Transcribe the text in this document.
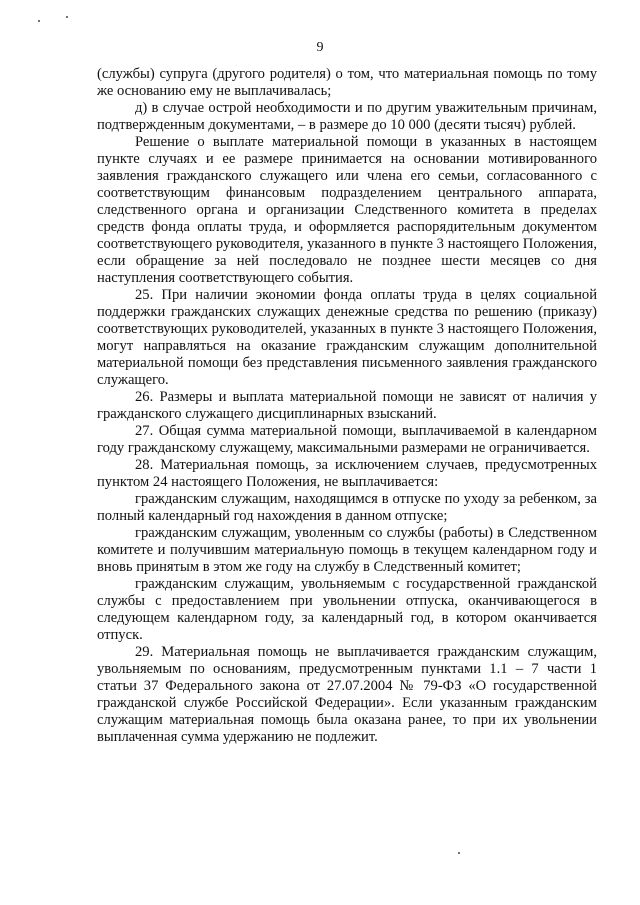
9

(службы) супруга (другого родителя) о том, что материальная помощь по тому же основанию ему не выплачивалась;

д) в случае острой необходимости и по другим уважительным причинам, подтвержденным документами, – в размере до 10 000 (десяти тысяч) рублей.

Решение о выплате материальной помощи в указанных в настоящем пункте случаях и ее размере принимается на основании мотивированного заявления гражданского служащего или члена его семьи, согласованного с соответствующим финансовым подразделением центрального аппарата, следственного органа и организации Следственного комитета в пределах средств фонда оплаты труда, и оформляется распорядительным документом соответствующего руководителя, указанного в пункте 3 настоящего Положения, если обращение за ней последовало не позднее шести месяцев со дня наступления соответствующего события.

25. При наличии экономии фонда оплаты труда в целях социальной поддержки гражданских служащих денежные средства по решению (приказу) соответствующих руководителей, указанных в пункте 3 настоящего Положения, могут направляться на оказание гражданским служащим дополнительной материальной помощи без представления письменного заявления гражданского служащего.

26. Размеры и выплата материальной помощи не зависят от наличия у гражданского служащего дисциплинарных взысканий.

27. Общая сумма материальной помощи, выплачиваемой в календарном году гражданскому служащему, максимальными размерами не ограничивается.

28. Материальная помощь, за исключением случаев, предусмотренных пунктом 24 настоящего Положения, не выплачивается:

гражданским служащим, находящимся в отпуске по уходу за ребенком, за полный календарный год нахождения в данном отпуске;

гражданским служащим, уволенным со службы (работы) в Следственном комитете и получившим материальную помощь в текущем календарном году и вновь принятым в этом же году на службу в Следственный комитет;

гражданским служащим, увольняемым с государственной гражданской службы с предоставлением при увольнении отпуска, оканчивающегося в следующем календарном году, за календарный год, в котором оканчивается отпуск.

29. Материальная помощь не выплачивается гражданским служащим, увольняемым по основаниям, предусмотренным пунктами 1.1 – 7 части 1 статьи 37 Федерального закона от 27.07.2004 № 79-ФЗ «О государственной гражданской службе Российской Федерации». Если указанным гражданским служащим материальная помощь была оказана ранее, то при их увольнении выплаченная сумма удержанию не подлежит.
